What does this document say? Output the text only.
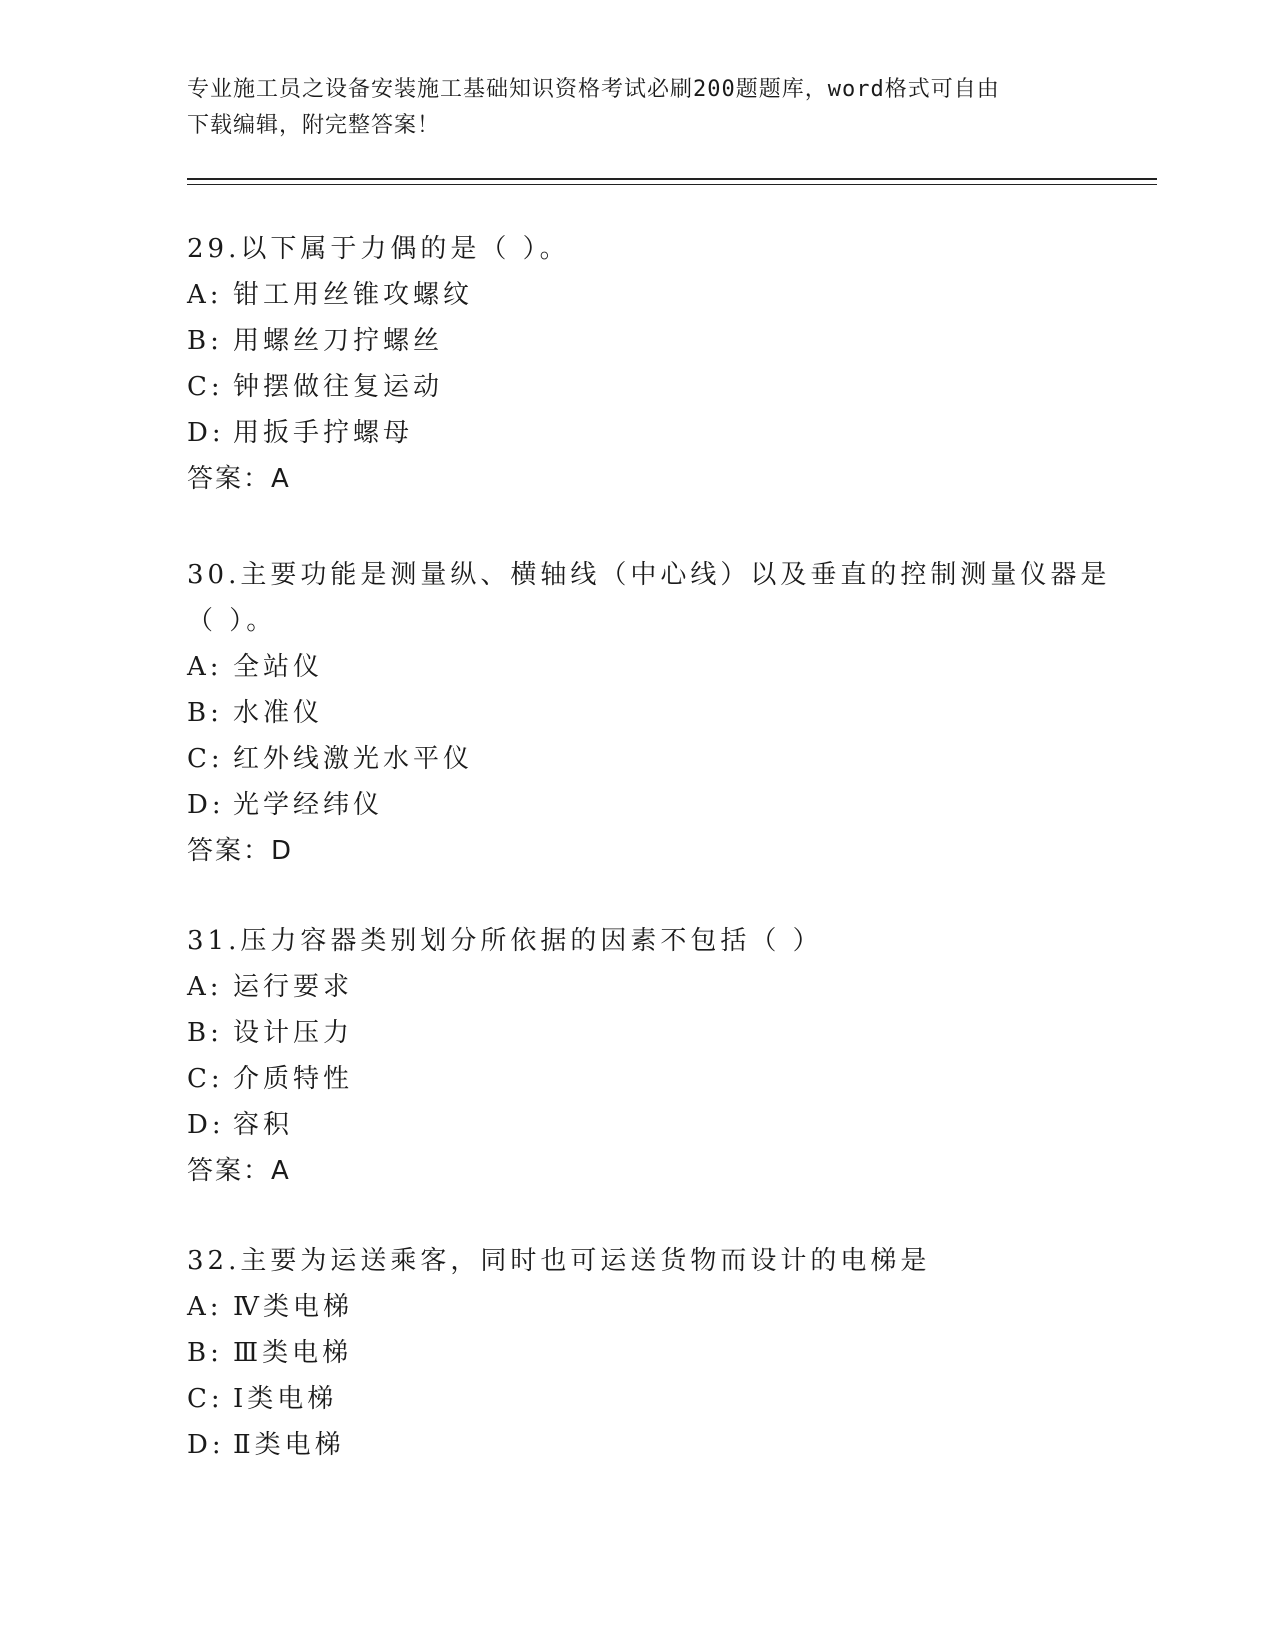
专业施工员之设备安装施工基础知识资格考试必刷200题题库，word格式可自由
下载编辑，附完整答案！
29.以下属于力偶的是（ ）。
A: 钳工用丝锥攻螺纹
B: 用螺丝刀拧螺丝
C: 钟摆做往复运动
D: 用扳手拧螺母
答案：A
30.主要功能是测量纵、横轴线（中心线）以及垂直的控制测量仪器是
（ ）。
A: 全站仪
B: 水准仪
C: 红外线激光水平仪
D: 光学经纬仪
答案：D
31.压力容器类别划分所依据的因素不包括（ ）
A: 运行要求
B: 设计压力
C: 介质特性
D: 容积
答案：A
32.主要为运送乘客，同时也可运送货物而设计的电梯是
A: Ⅳ类电梯
B: Ⅲ类电梯
C: Ⅰ类电梯
D: Ⅱ类电梯
